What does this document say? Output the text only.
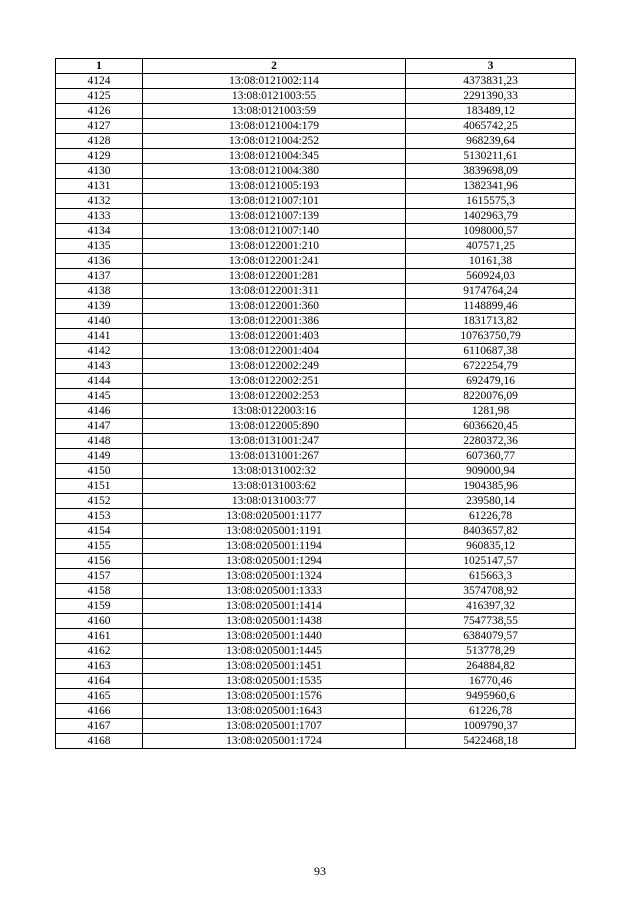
1	2	3
4124	13:08:0121002:114	4373831,23
4125	13:08:0121003:55	2291390,33
4126	13:08:0121003:59	183489,12
4127	13:08:0121004:179	4065742,25
4128	13:08:0121004:252	968239,64
4129	13:08:0121004:345	5130211,61
4130	13:08:0121004:380	3839698,09
4131	13:08:0121005:193	1382341,96
4132	13:08:0121007:101	1615575,3
4133	13:08:0121007:139	1402963,79
4134	13:08:0121007:140	1098000,57
4135	13:08:0122001:210	407571,25
4136	13:08:0122001:241	10161,38
4137	13:08:0122001:281	560924,03
4138	13:08:0122001:311	9174764,24
4139	13:08:0122001:360	1148899,46
4140	13:08:0122001:386	1831713,82
4141	13:08:0122001:403	10763750,79
4142	13:08:0122001:404	6110687,38
4143	13:08:0122002:249	6722254,79
4144	13:08:0122002:251	692479,16
4145	13:08:0122002:253	8220076,09
4146	13:08:0122003:16	1281,98
4147	13:08:0122005:890	6036620,45
4148	13:08:0131001:247	2280372,36
4149	13:08:0131001:267	607360,77
4150	13:08:0131002:32	909000,94
4151	13:08:0131003:62	1904385,96
4152	13:08:0131003:77	239580,14
4153	13:08:0205001:1177	61226,78
4154	13:08:0205001:1191	8403657,82
4155	13:08:0205001:1194	960835,12
4156	13:08:0205001:1294	1025147,57
4157	13:08:0205001:1324	615663,3
4158	13:08:0205001:1333	3574708,92
4159	13:08:0205001:1414	416397,32
4160	13:08:0205001:1438	7547738,55
4161	13:08:0205001:1440	6384079,57
4162	13:08:0205001:1445	513778,29
4163	13:08:0205001:1451	264884,82
4164	13:08:0205001:1535	16770,46
4165	13:08:0205001:1576	9495960,6
4166	13:08:0205001:1643	61226,78
4167	13:08:0205001:1707	1009790,37
4168	13:08:0205001:1724	5422468,18
93
